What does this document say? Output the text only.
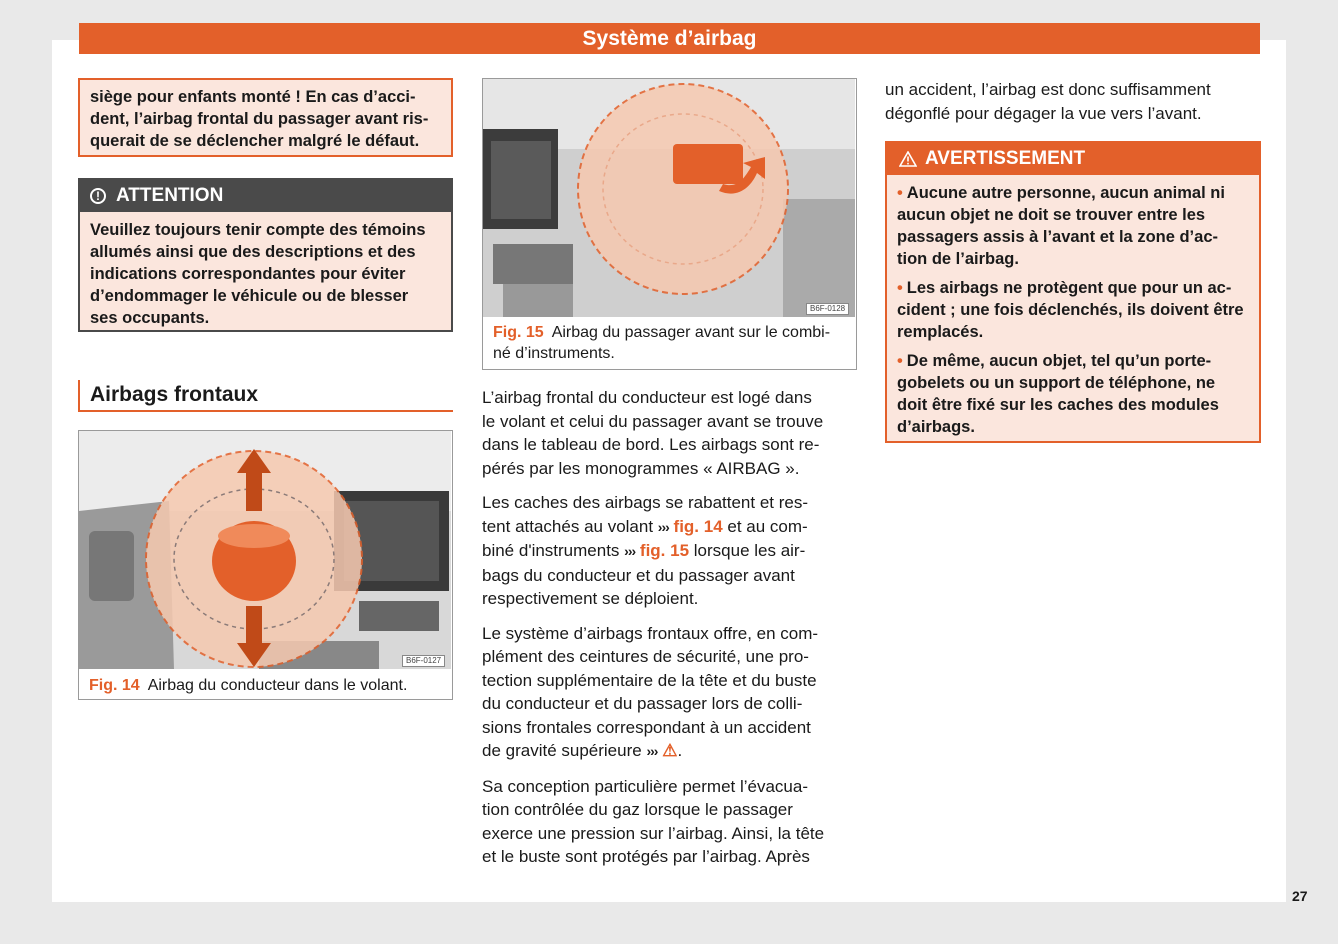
Système d’airbag
siège pour enfants monté ! En cas d’acci-
dent, l’airbag frontal du passager avant ris-
querait de se déclencher malgré le défaut.
! ATTENTION
Veuillez toujours tenir compte des témoins
allumés ainsi que des descriptions et des
indications correspondantes pour éviter
d’endommager le véhicule ou de blesser
ses occupants.
Airbags frontaux
B6F-0127
Fig. 14 Airbag du conducteur dans le volant.
B6F-0128
Fig. 15 Airbag du passager avant sur le combi-
né d’instruments.

L’airbag frontal du conducteur est logé dans
le volant et celui du passager avant se trouve
dans le tableau de bord. Les airbags sont re-
pérés par les monogrammes « AIRBAG ».

Les caches des airbags se rabattent et res-
tent attachés au volant ››› fig. 14 et au com-
biné d'instruments ››› fig. 15 lorsque les air-
bags du conducteur et du passager avant
respectivement se déploient.

Le système d’airbags frontaux offre, en com-
plément des ceintures de sécurité, une pro-
tection supplémentaire de la tête et du buste
du conducteur et du passager lors de colli-
sions frontales correspondant à un accident
de gravité supérieure ››› ⚠.

Sa conception particulière permet l’évacua-
tion contrôlée du gaz lorsque le passager
exerce une pression sur l’airbag. Ainsi, la tête
et le buste sont protégés par l’airbag. Après

un accident, l’airbag est donc suffisamment
dégonflé pour dégager la vue vers l’avant.
AVERTISSEMENT
• Aucune autre personne, aucun animal ni
aucun objet ne doit se trouver entre les
passagers assis à l’avant et la zone d’ac-
tion de l’airbag.
• Les airbags ne protègent que pour un ac-
cident ; une fois déclenchés, ils doivent être
remplacés.
• De même, aucun objet, tel qu’un porte-
gobelets ou un support de téléphone, ne
doit être fixé sur les caches des modules
d’airbags.
27
